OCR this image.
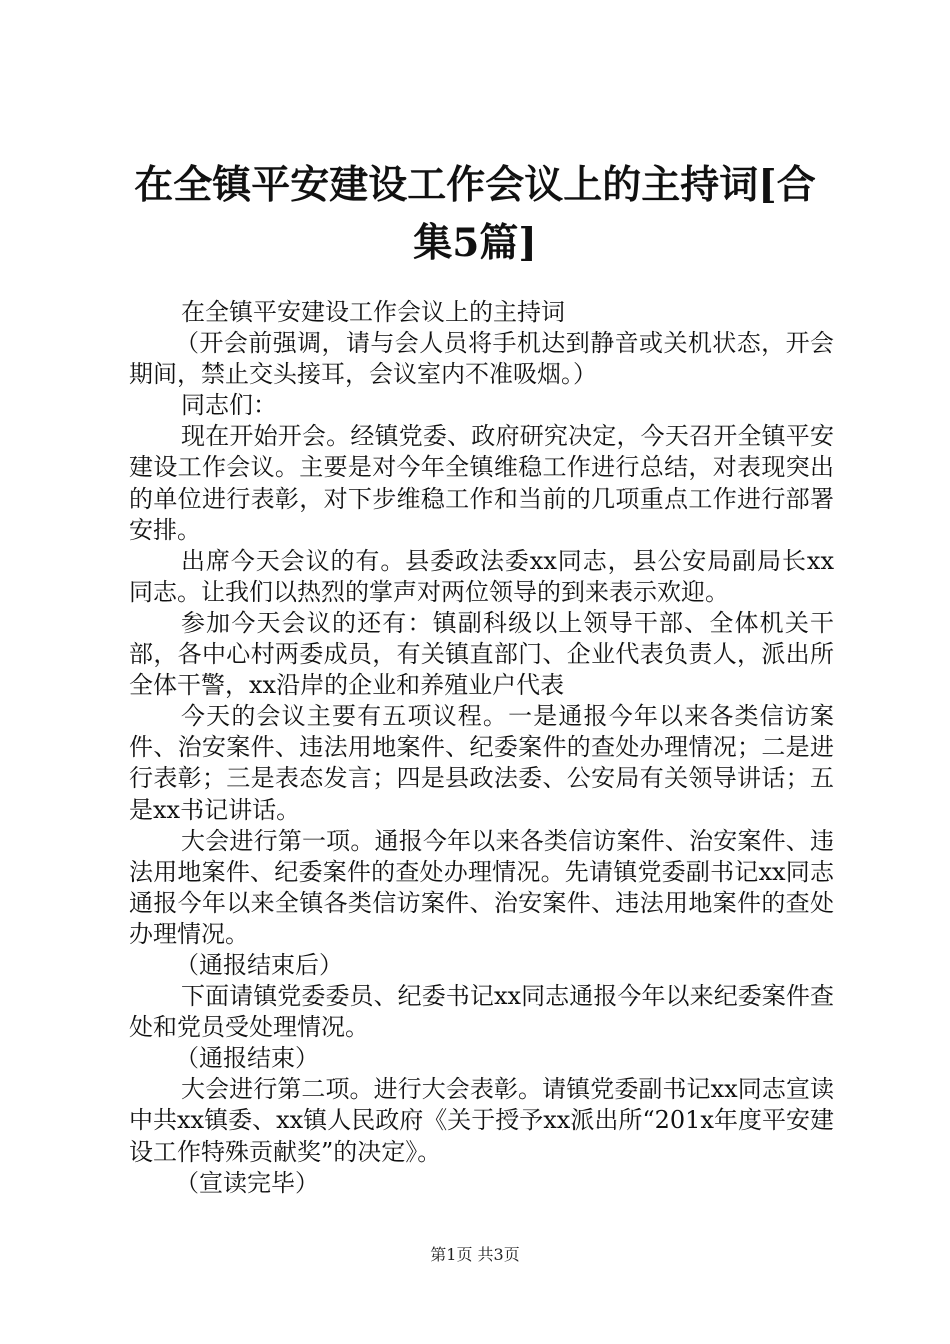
在全镇平安建设工作会议上的主持词[合集5篇]

在全镇平安建设工作会议上的主持词

（开会前强调，请与会人员将手机达到静音或关机状态，开会期间，禁止交头接耳，会议室内不准吸烟。）

同志们：

现在开始开会。经镇党委、政府研究决定，今天召开全镇平安建设工作会议。主要是对今年全镇维稳工作进行总结，对表现突出的单位进行表彰，对下步维稳工作和当前的几项重点工作进行部署安排。

出席今天会议的有。县委政法委xx同志，县公安局副局长xx同志。让我们以热烈的掌声对两位领导的到来表示欢迎。

参加今天会议的还有：镇副科级以上领导干部、全体机关干部，各中心村两委成员，有关镇直部门、企业代表负责人，派出所全体干警，xx沿岸的企业和养殖业户代表

今天的会议主要有五项议程。一是通报今年以来各类信访案件、治安案件、违法用地案件、纪委案件的查处办理情况；二是进行表彰；三是表态发言；四是县政法委、公安局有关领导讲话；五是xx书记讲话。

大会进行第一项。通报今年以来各类信访案件、治安案件、违法用地案件、纪委案件的查处办理情况。先请镇党委副书记xx同志通报今年以来全镇各类信访案件、治安案件、违法用地案件的查处办理情况。

（通报结束后）

下面请镇党委委员、纪委书记xx同志通报今年以来纪委案件查处和党员受处理情况。

（通报结束）

大会进行第二项。进行大会表彰。请镇党委副书记xx同志宣读中共xx镇委、xx镇人民政府《关于授予xx派出所“201x年度平安建设工作特殊贡献奖”的决定》。

（宣读完毕）

第1页 共3页
